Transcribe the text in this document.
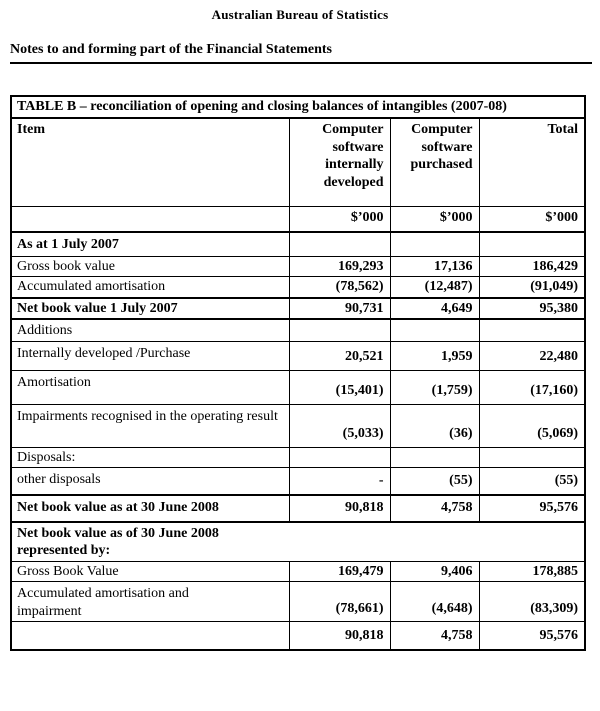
Australian Bureau of Statistics
Notes to and forming part of the Financial Statements
TABLE B – reconciliation of opening and closing balances of intangibles (2007-08)			
Item	Computer software internally developed	Computer software purchased	Total
	$’000	$’000	$’000
As at 1 July 2007			
Gross book value	169,293	17,136	186,429
Accumulated amortisation	(78,562)	(12,487)	(91,049)
Net book value 1 July 2007	90,731	4,649	95,380
Additions			
Internally developed /Purchase	20,521	1,959	22,480
Amortisation	(15,401)	(1,759)	(17,160)
Impairments recognised in the operating result	(5,033)	(36)	(5,069)
Disposals:			
other disposals	-	(55)	(55)
Net book value as at 30 June 2008	90,818	4,758	95,576

Net book value as of 30 June 2008
represented by:			

Gross Book Value	169,479	9,406	178,885

Accumulated amortisation and impairment	(78,661)	(4,648)	(83,309)
	90,818	4,758	95,576
